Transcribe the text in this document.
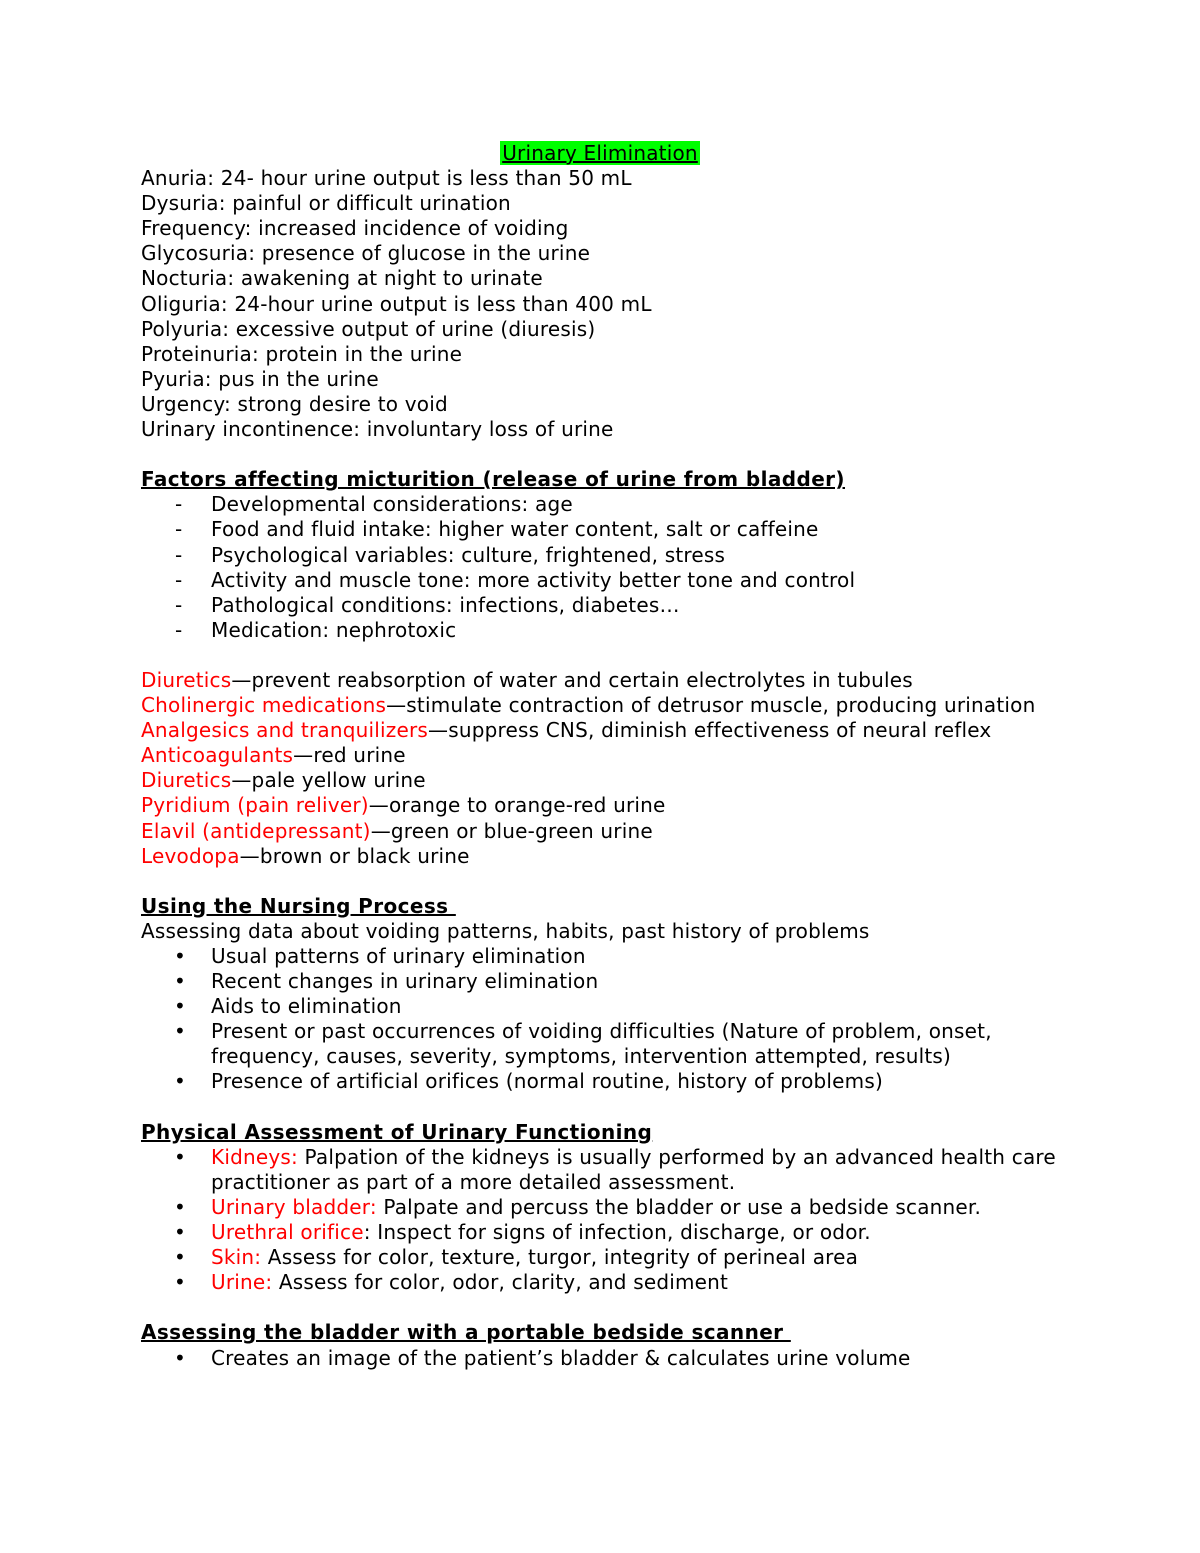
Urinary Elimination
Anuria: 24- hour urine output is less than 50 mL
Dysuria: painful or difficult urination
Frequency: increased incidence of voiding
Glycosuria: presence of glucose in the urine
Nocturia: awakening at night to urinate
Oliguria: 24-hour urine output is less than 400 mL
Polyuria: excessive output of urine (diuresis)
Proteinuria: protein in the urine
Pyuria: pus in the urine
Urgency: strong desire to void
Urinary incontinence: involuntary loss of urine
Factors affecting micturition (release of urine from bladder)
- Developmental considerations: age
- Food and fluid intake: higher water content, salt or caffeine
- Psychological variables: culture, frightened, stress
- Activity and muscle tone: more activity better tone and control
- Pathological conditions: infections, diabetes…
- Medication: nephrotoxic
Diuretics—prevent reabsorption of water and certain electrolytes in tubules
Cholinergic medications—stimulate contraction of detrusor muscle, producing urination
Analgesics and tranquilizers—suppress CNS, diminish effectiveness of neural reflex
Anticoagulants—red urine
Diuretics—pale yellow urine
Pyridium (pain reliver)—orange to orange-red urine
Elavil (antidepressant)—green or blue-green urine
Levodopa—brown or black urine
Using the Nursing Process
Assessing data about voiding patterns, habits, past history of problems
• Usual patterns of urinary elimination
• Recent changes in urinary elimination
• Aids to elimination
• Present or past occurrences of voiding difficulties (Nature of problem, onset, frequency, causes, severity, symptoms, intervention attempted, results)
• Presence of artificial orifices (normal routine, history of problems)
Physical Assessment of Urinary Functioning
• Kidneys: Palpation of the kidneys is usually performed by an advanced health care practitioner as part of a more detailed assessment.
• Urinary bladder: Palpate and percuss the bladder or use a bedside scanner.
• Urethral orifice: Inspect for signs of infection, discharge, or odor.
• Skin: Assess for color, texture, turgor, integrity of perineal area
• Urine: Assess for color, odor, clarity, and sediment
Assessing the bladder with a portable bedside scanner
• Creates an image of the patient’s bladder & calculates urine volume
